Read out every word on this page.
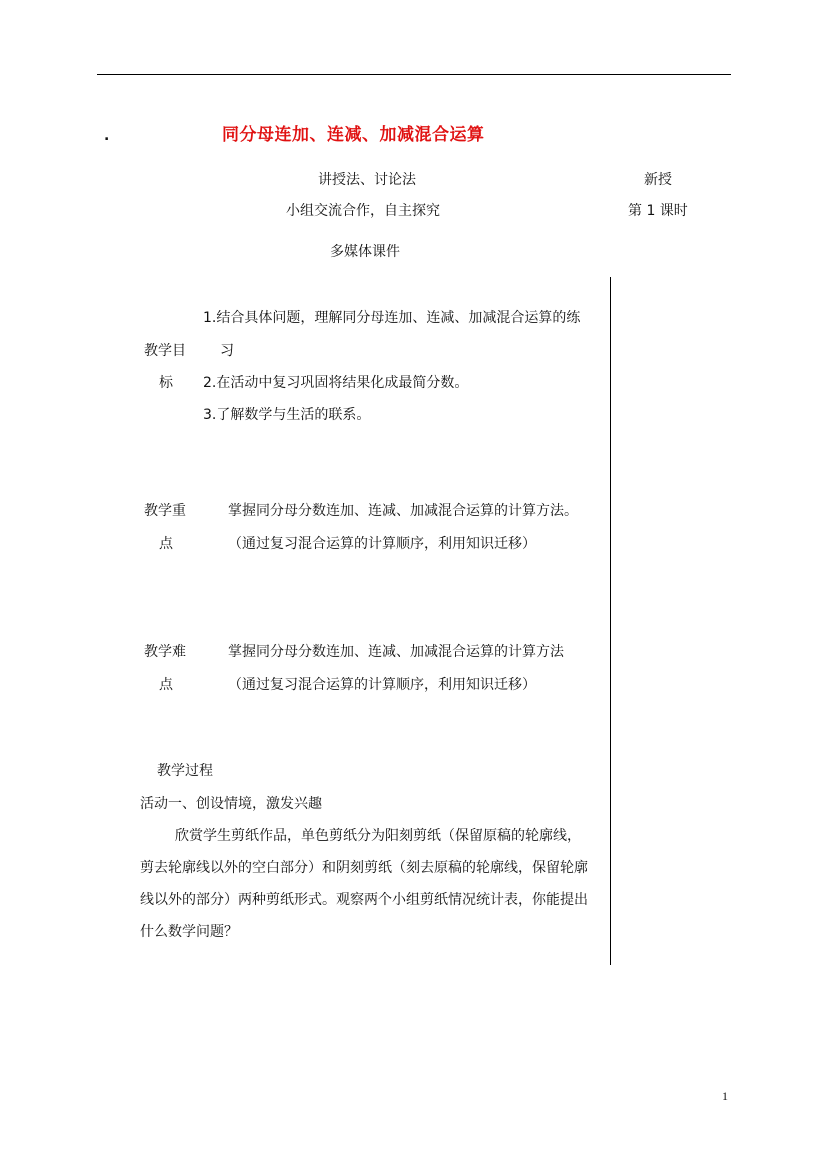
.	同分母连加、连减、加减混合运算
讲授法、讨论法	新授
小组交流合作，自主探究	第 1 课时
多媒体课件
教学目
标
1.结合具体问题，理解同分母连加、连减、加减混合运算的练
习
2.在活动中复习巩固将结果化成最简分数。
3.了解数学与生活的联系。
教学重
点
掌握同分母分数连加、连减、加减混合运算的计算方法。
（通过复习混合运算的计算顺序，利用知识迁移）
教学难
点
掌握同分母分数连加、连减、加减混合运算的计算方法
（通过复习混合运算的计算顺序，利用知识迁移）
教学过程
活动一、创设情境，激发兴趣
欣赏学生剪纸作品，单色剪纸分为阳刻剪纸（保留原稿的轮廓线，
剪去轮廓线以外的空白部分）和阴刻剪纸（刻去原稿的轮廓线，保留轮廓
线以外的部分）两种剪纸形式。观察两个小组剪纸情况统计表，你能提出
什么数学问题？
1
